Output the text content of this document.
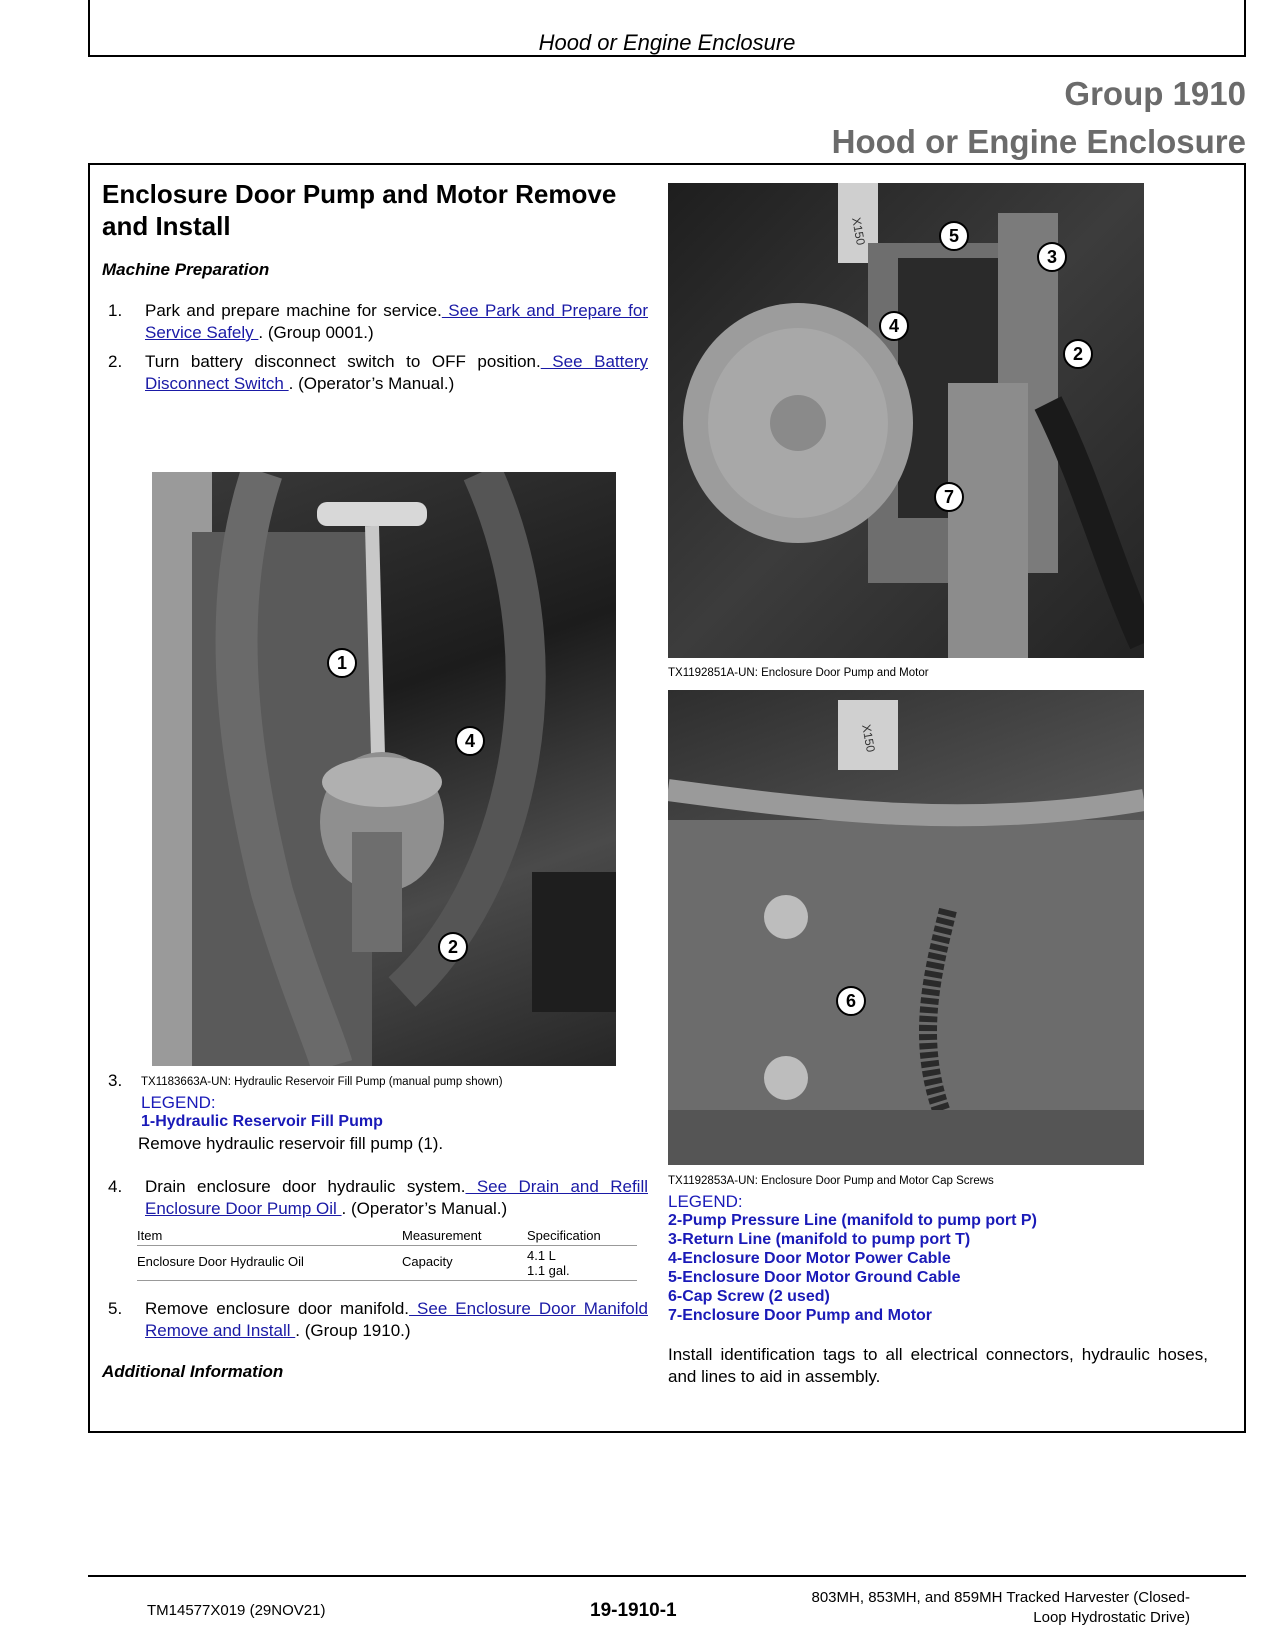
Hood or Engine Enclosure
Group 1910
Hood or Engine Enclosure
Enclosure Door Pump and Motor Remove
and Install
Machine Preparation
1. Park and prepare machine for service. See Park and Prepare for Service Safely . (Group 0001.)
2. Turn battery disconnect switch to OFF position. See Battery Disconnect Switch . (Operator’s Manual.)
1
4
2
3. TX1183663A-UN: Hydraulic Reservoir Fill Pump (manual pump shown)
LEGEND:
1-Hydraulic Reservoir Fill Pump
Remove hydraulic reservoir fill pump (1).
4. Drain enclosure door hydraulic system. See Drain and Refill Enclosure Door Pump Oil . (Operator’s Manual.)
Item	Measurement	Specification
Enclosure Door Hydraulic Oil	Capacity	4.1 L
1.1 gal.
5. Remove enclosure door manifold. See Enclosure Door Manifold Remove and Install . (Group 1910.)
Additional Information
X150	5
3
4
2
7
TX1192851A-UN: Enclosure Door Pump and Motor
X150
6
TX1192853A-UN: Enclosure Door Pump and Motor Cap Screws
LEGEND:
2-Pump Pressure Line (manifold to pump port P)
3-Return Line (manifold to pump port T)
4-Enclosure Door Motor Power Cable
5-Enclosure Door Motor Ground Cable
6-Cap Screw (2 used)
7-Enclosure Door Pump and Motor
Install identification tags to all electrical connectors, hydraulic hoses, and lines to aid in assembly.
TM14577X019 (29NOV21)	19-1910-1
803MH, 853MH, and 859MH Tracked Harvester (Closed-
Loop Hydrostatic Drive)
